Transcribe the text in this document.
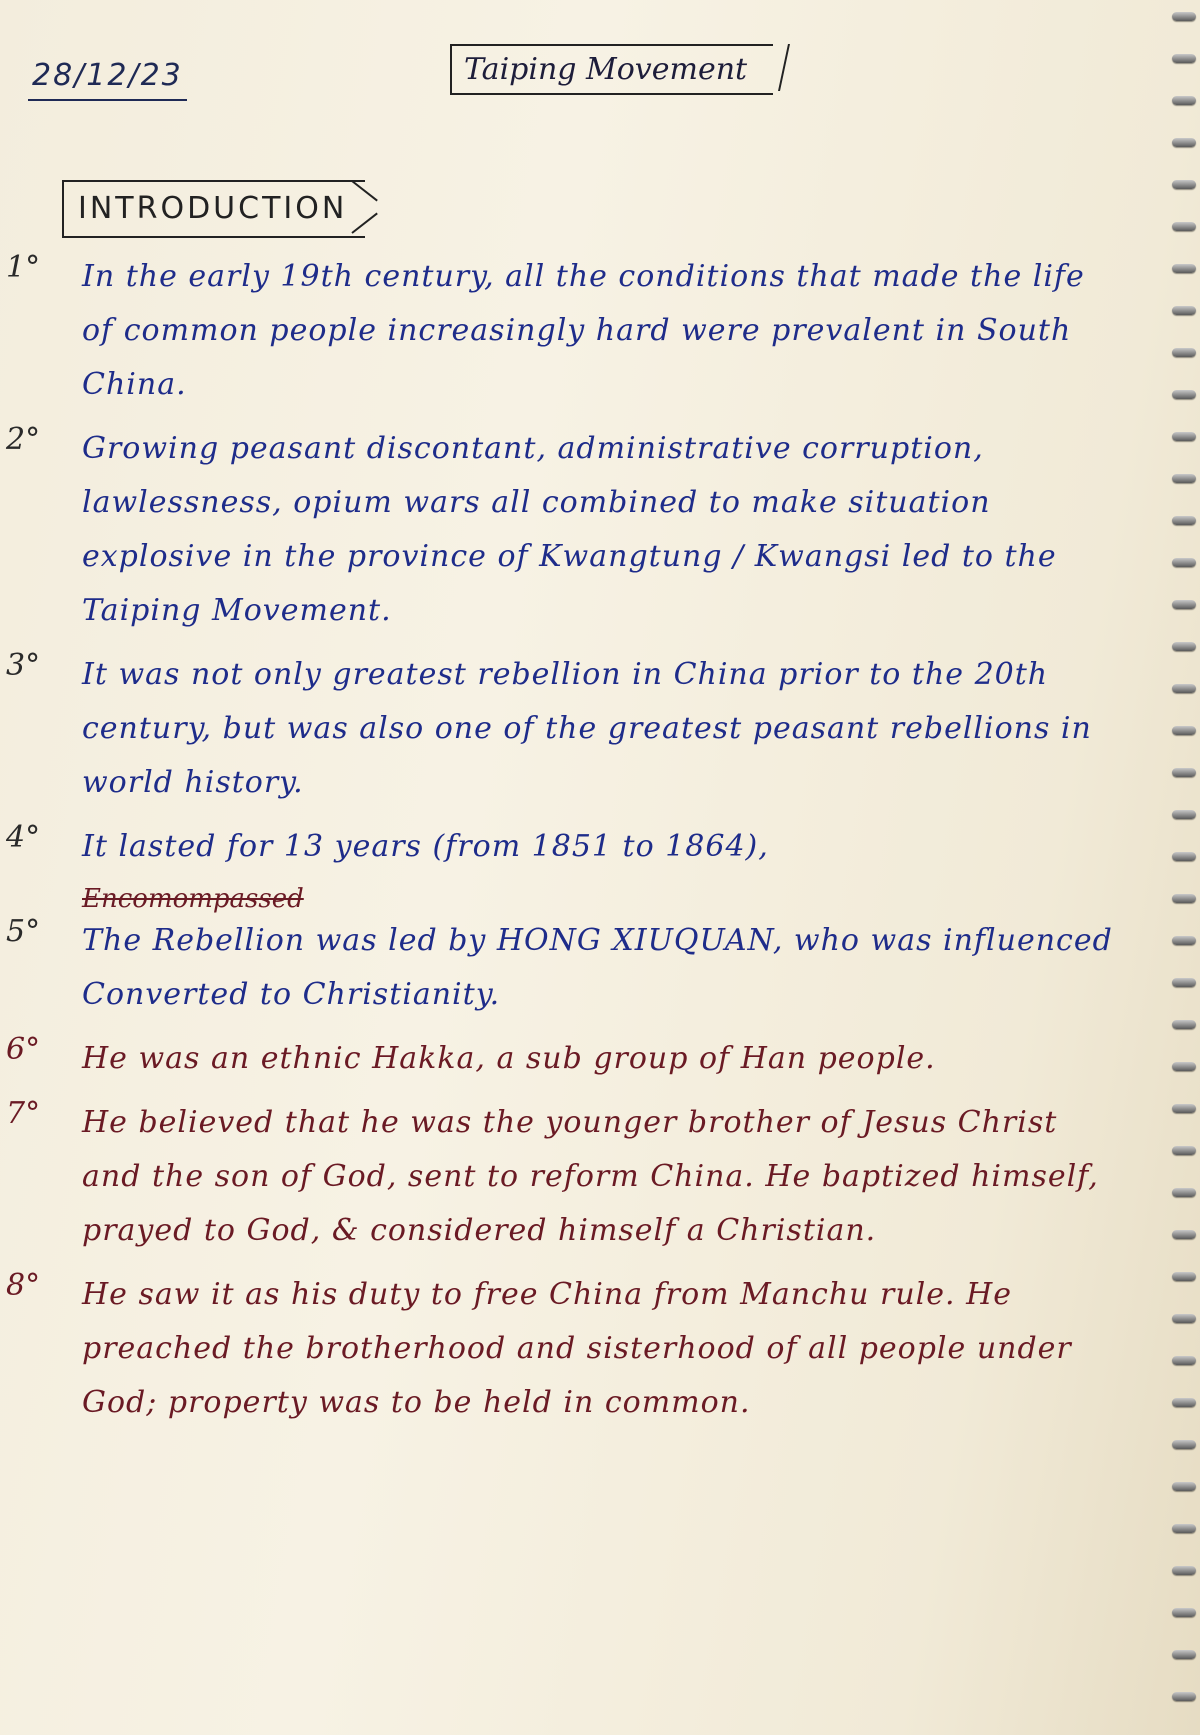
28/12/23	Taiping Movement
INTRODUCTION
1° In the early 19th century, all the conditions that made the life of common people increasingly hard were prevalent in South China.
2° Growing peasant discontant, administrative corruption, lawlessness, opium wars all combined to make situation explosive in the province of Kwangtung / Kwangsi led to the Taiping Movement.
3° It was not only greatest rebellion in China prior to the 20th century, but was also one of the greatest peasant rebellions in world history.
4° It lasted for 13 years (from 1851 to 1864),
Encomompassed
5° The Rebellion was led by HONG XIUQUAN, who was influenced Converted to Christianity.
6° He was an ethnic Hakka, a sub group of Han people.
7° He believed that he was the younger brother of Jesus Christ and the son of God, sent to reform China. He baptized himself, prayed to God, & considered himself a Christian.
8° He saw it as his duty to free China from Manchu rule. He preached the brotherhood and sisterhood of all people under God; property was to be held in common.
